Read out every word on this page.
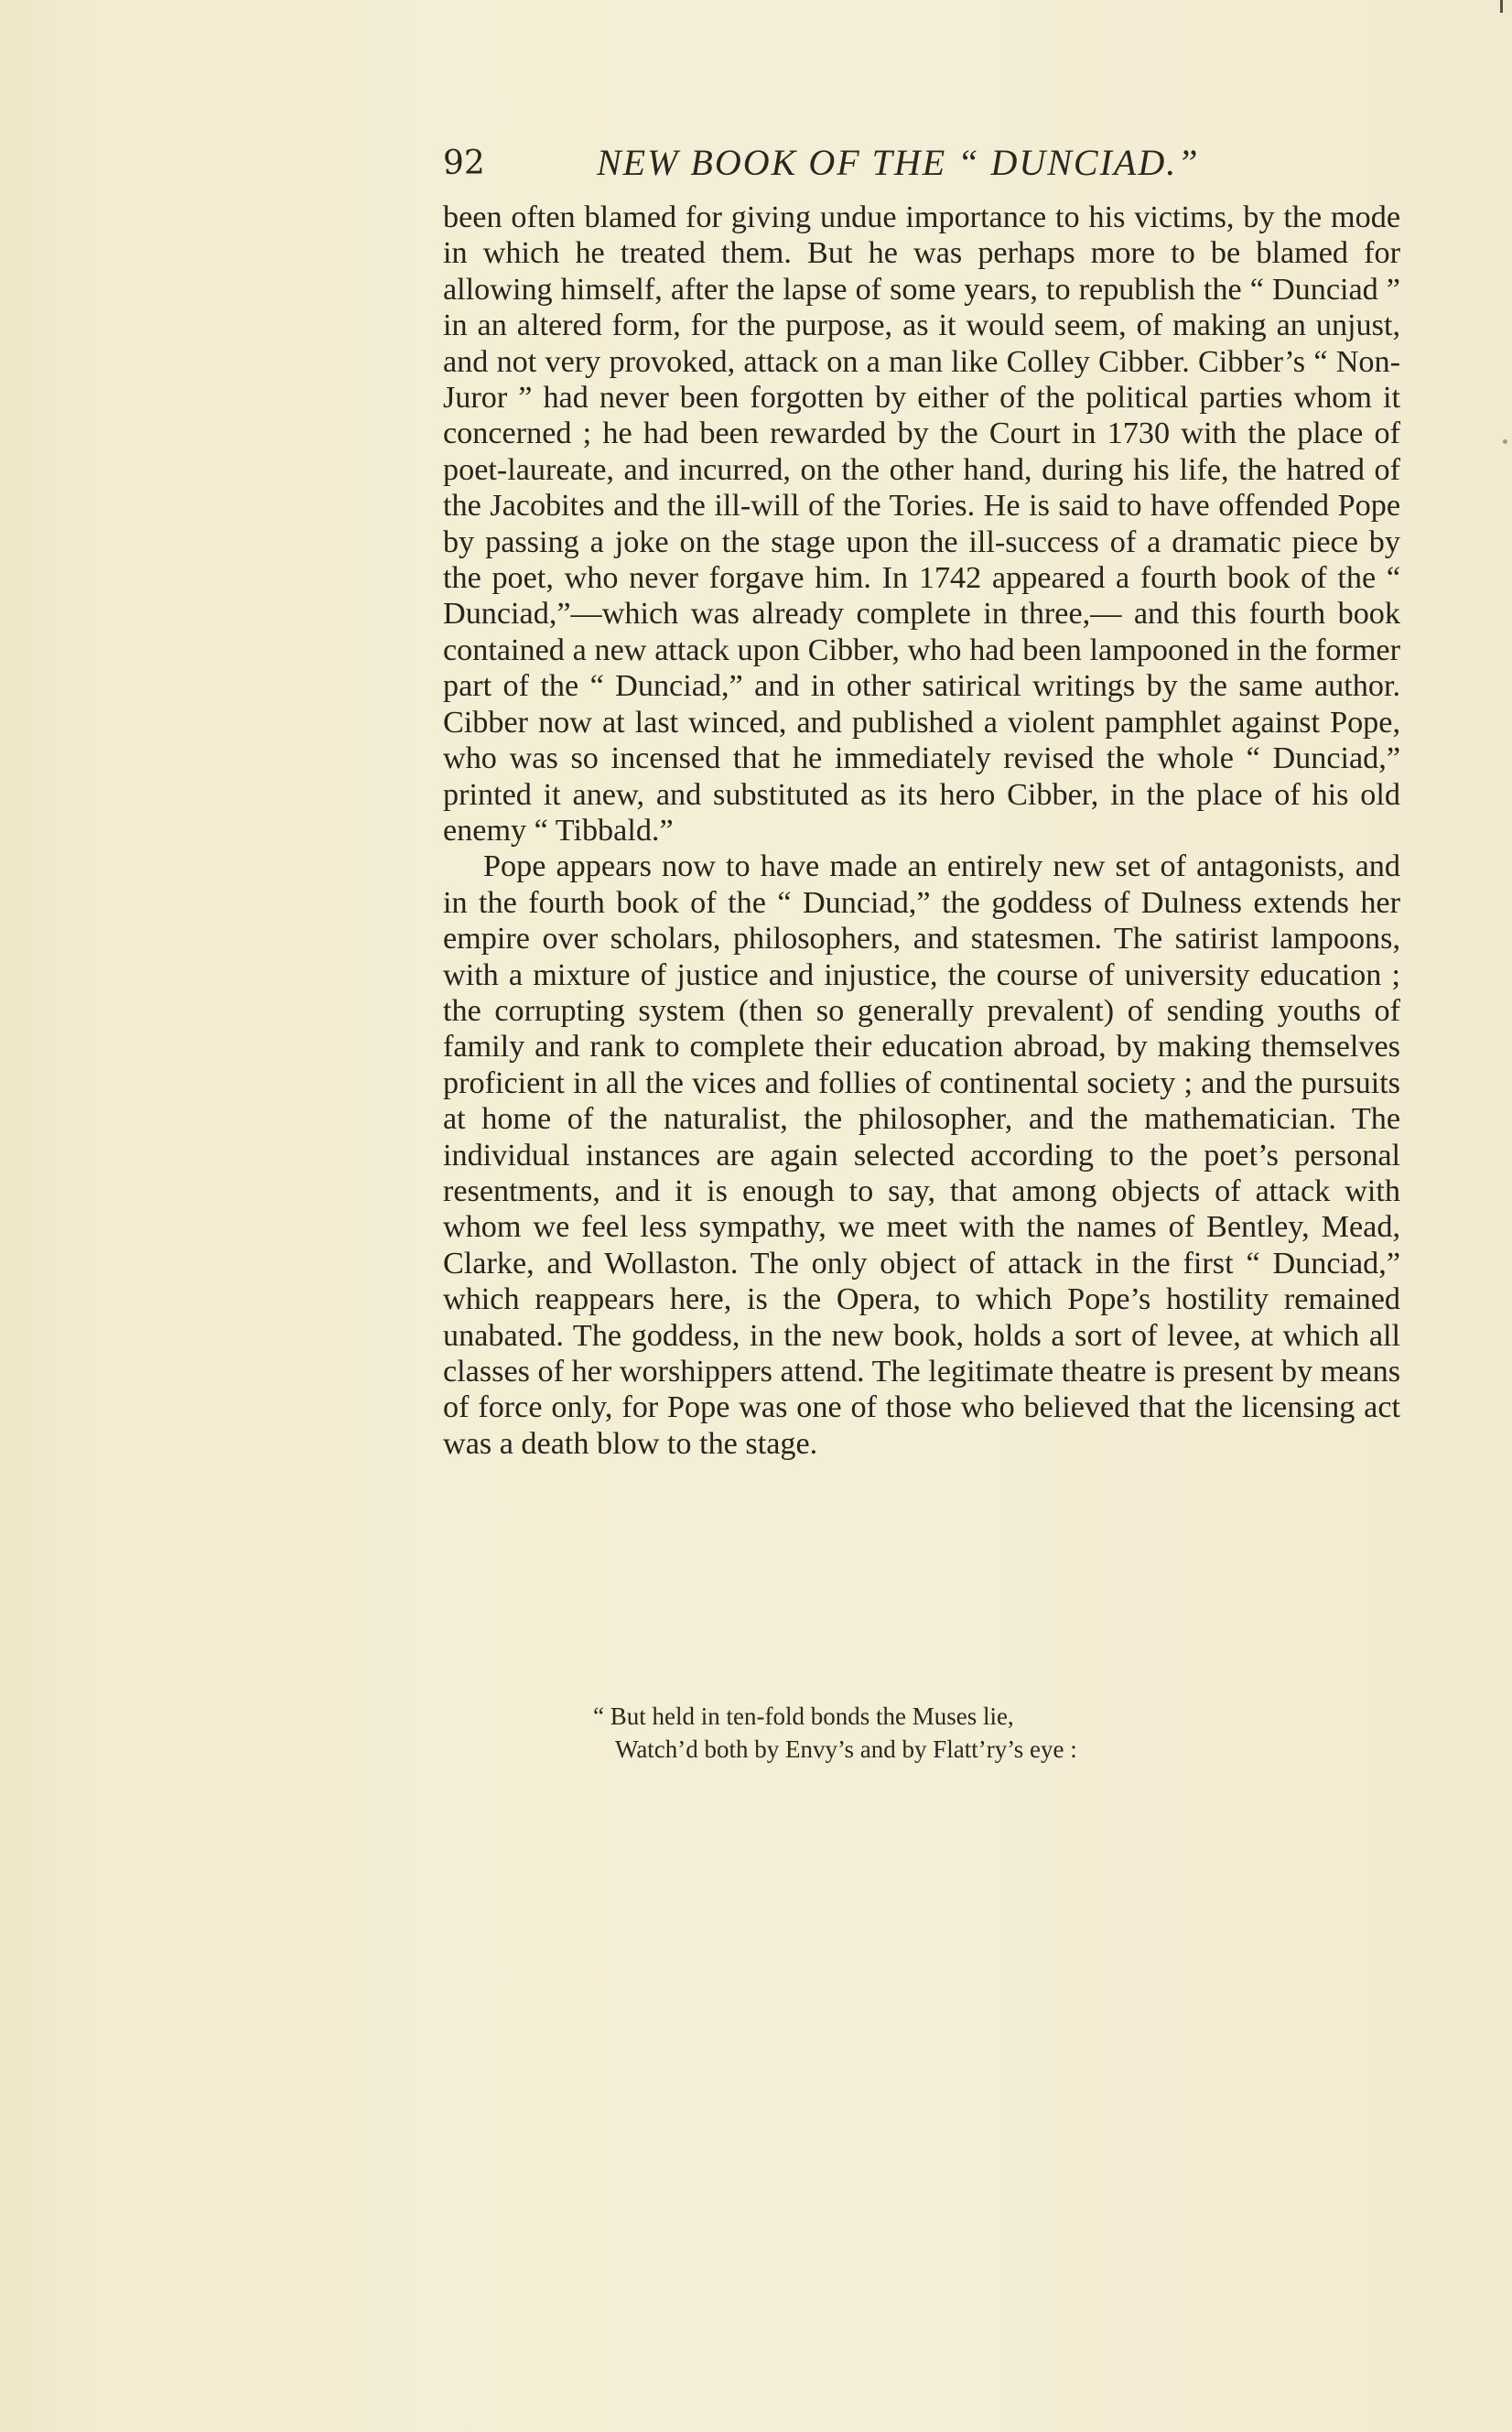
92	NEW BOOK OF THE “ DUNCIAD.”

been often blamed for giving undue importance to his victims, by the mode in which he treated them. But he was perhaps more to be blamed for allowing himself, after the lapse of some years, to republish the “ Dunciad ” in an altered form, for the purpose, as it would seem, of making an unjust, and not very provoked, attack on a man like Colley Cibber. Cibber’s “ Non-Juror ” had never been forgotten by either of the political parties whom it concerned ; he had been rewarded by the Court in 1730 with the place of poet-laureate, and incurred, on the other hand, during his life, the hatred of the Jacobites and the ill-will of the Tories. He is said to have offended Pope by passing a joke on the stage upon the ill-success of a dramatic piece by the poet, who never forgave him. In 1742 appeared a fourth book of the “ Dunciad,”—which was already complete in three,— and this fourth book contained a new attack upon Cibber, who had been lampooned in the former part of the “ Dunciad,” and in other satirical writings by the same author. Cibber now at last winced, and published a violent pamphlet against Pope, who was so incensed that he immediately revised the whole “ Dunciad,” printed it anew, and substituted as its hero Cibber, in the place of his old enemy “ Tibbald.”

Pope appears now to have made an entirely new set of antagonists, and in the fourth book of the “ Dunciad,” the goddess of Dulness extends her empire over scholars, philosophers, and statesmen. The satirist lampoons, with a mixture of justice and injustice, the course of university education ; the corrupting system (then so generally prevalent) of sending youths of family and rank to complete their education abroad, by making themselves proficient in all the vices and follies of continental society ; and the pursuits at home of the naturalist, the philosopher, and the mathematician. The individual instances are again selected according to the poet’s personal resentments, and it is enough to say, that among objects of attack with whom we feel less sympathy, we meet with the names of Bentley, Mead, Clarke, and Wollaston. The only object of attack in the first “ Dunciad,” which reappears here, is the Opera, to which Pope’s hostility remained unabated. The goddess, in the new book, holds a sort of levee, at which all classes of her worshippers attend. The legitimate theatre is present by means of force only, for Pope was one of those who believed that the licensing act was a death blow to the stage.

“ But held in ten-fold bonds the Muses lie,
Watch’d both by Envy’s and by Flatt’ry’s eye :
